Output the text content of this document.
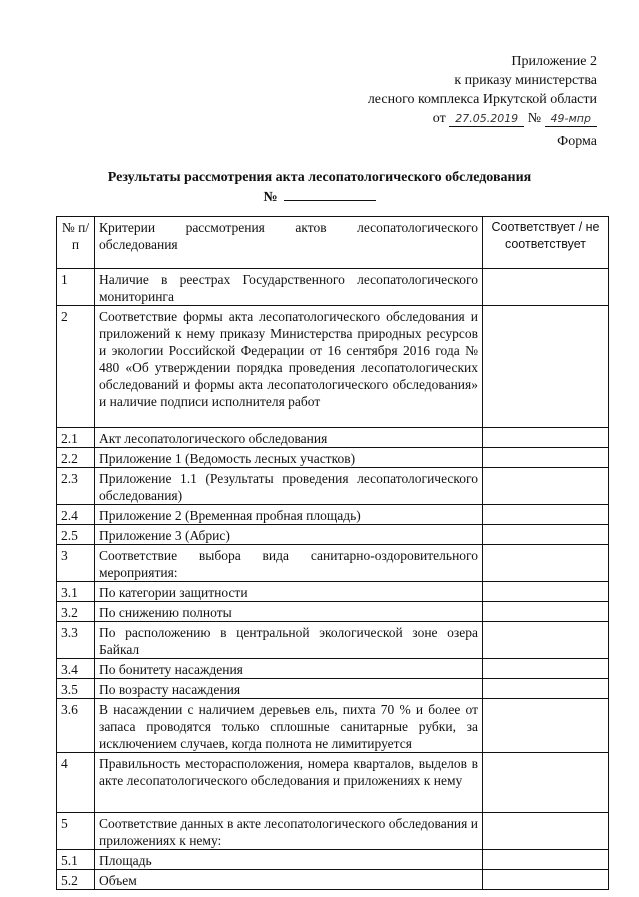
Приложение 2
к приказу министерства
лесного комплекса Иркутской области
от 27.05.2019 № 49-мпр
Форма
Результаты рассмотрения акта лесопатологического обследования
№
№ п/п	Критерии рассмотрения актов лесопатологического обследования	Соответствует / не соответствует
1	Наличие в реестрах Государственного лесопатологического мониторинга	
2	Соответствие формы акта лесопатологического обследования и приложений к нему приказу Министерства природных ресурсов и экологии Российской Федерации от 16 сентября 2016 года № 480 «Об утверждении порядка проведения лесопатологических обследований и формы акта лесопатологического обследования» и наличие подписи исполнителя работ	
2.1	Акт лесопатологического обследования	
2.2	Приложение 1 (Ведомость лесных участков)	
2.3	Приложение 1.1 (Результаты проведения лесопатологического обследования)	
2.4	Приложение 2 (Временная пробная площадь)	
2.5	Приложение 3 (Абрис)	
3	Соответствие выбора вида санитарно-оздоровительного мероприятия:	
3.1	По категории защитности	
3.2	По снижению полноты	
3.3	По расположению в центральной экологической зоне озера Байкал	
3.4	По бонитету насаждения	
3.5	По возрасту насаждения	
3.6	В насаждении с наличием деревьев ель, пихта 70 % и более от запаса проводятся только сплошные санитарные рубки, за исключением случаев, когда полнота не лимитируется	
4	Правильность месторасположения, номера кварталов, выделов в акте лесопатологического обследования и приложениях к нему	
5	Соответствие данных в акте лесопатологического обследования и приложениях к нему:	
5.1	Площадь	
5.2	Объем	
